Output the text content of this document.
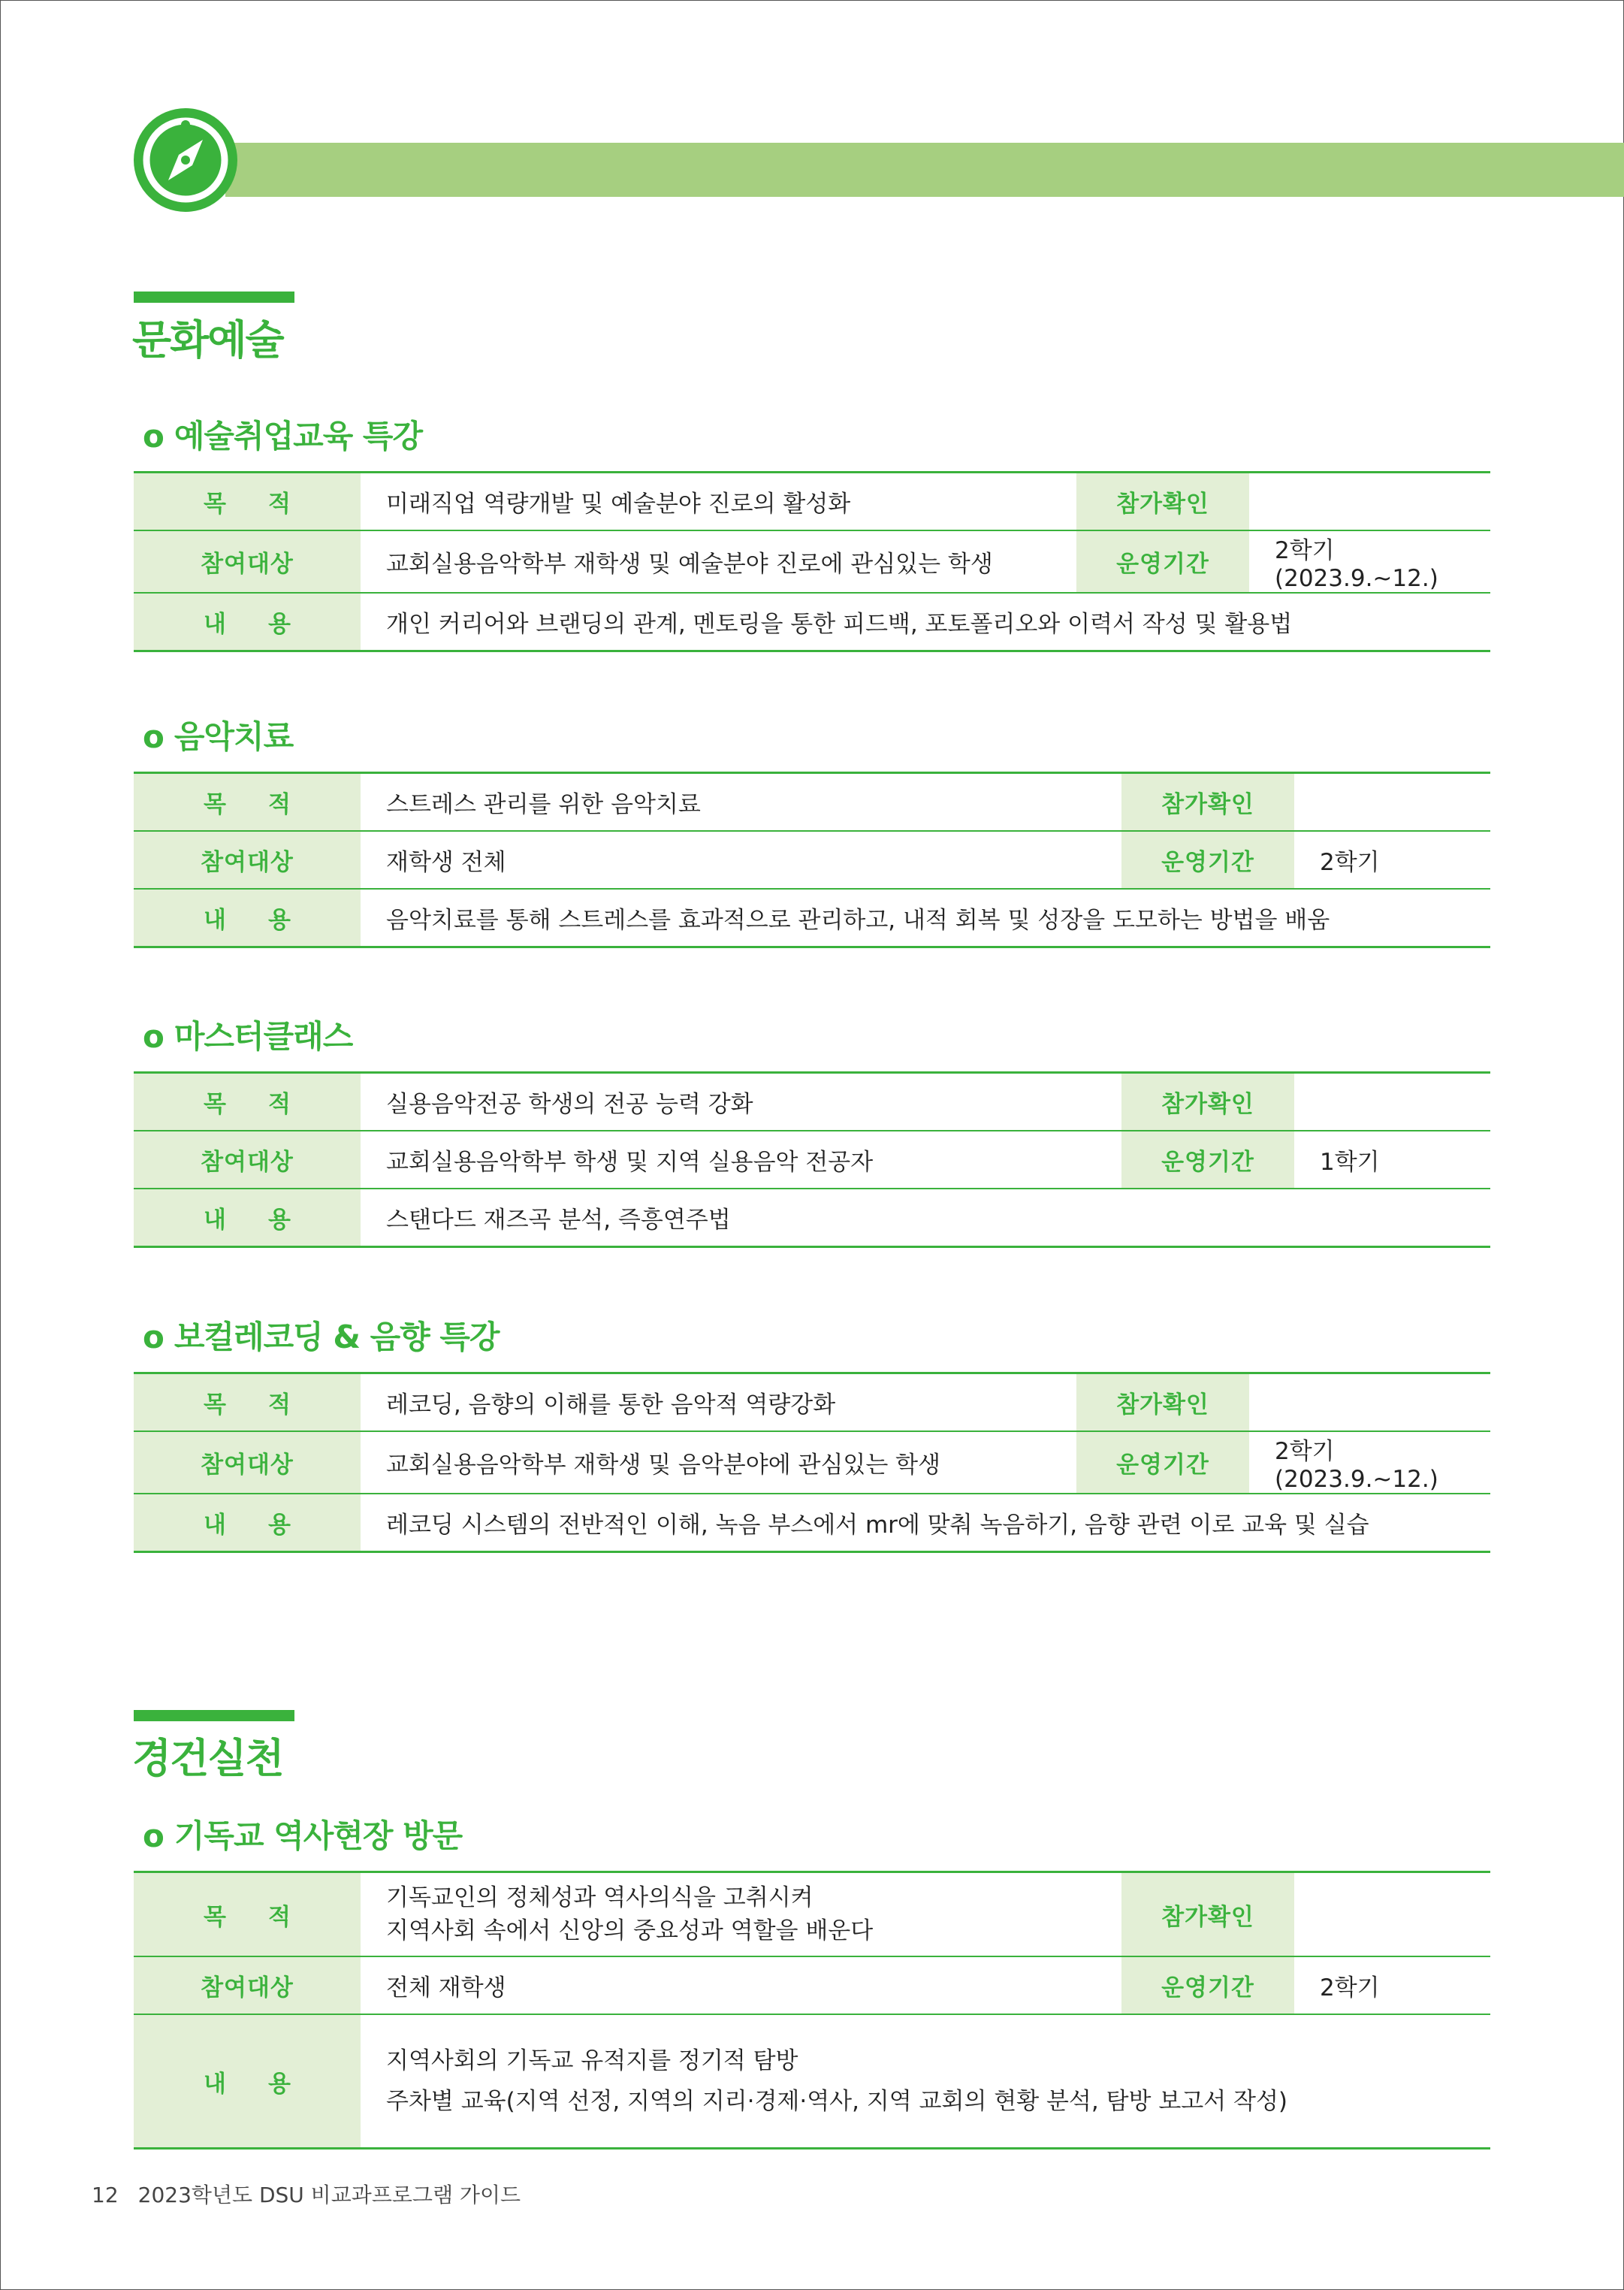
문화예술
o 예술취업교육 특강
목적	미래직업 역량개발 및 예술분야 진로의 활성화	참가확인	
참여대상	교회실용음악학부 재학생 및 예술분야 진로에 관심있는 학생	운영기간	2학기(2023.9.~12.)
내용	개인 커리어와 브랜딩의 관계, 멘토링을 통한 피드백, 포토폴리오와 이력서 작성 및 활용법		
o 음악치료
목적	스트레스 관리를 위한 음악치료	참가확인	
참여대상	재학생 전체	운영기간	2학기
내용	음악치료를 통해 스트레스를 효과적으로 관리하고, 내적 회복 및 성장을 도모하는 방법을 배움		
o 마스터클래스
목적	실용음악전공 학생의 전공 능력 강화	참가확인	
참여대상	교회실용음악학부 학생 및 지역 실용음악 전공자	운영기간	1학기
내용	스탠다드 재즈곡 분석, 즉흥연주법		
o 보컬레코딩 & 음향 특강
목적	레코딩, 음향의 이해를 통한 음악적 역량강화	참가확인	
참여대상	교회실용음악학부 재학생 및 음악분야에 관심있는 학생	운영기간	2학기(2023.9.~12.)
내용	레코딩 시스템의 전반적인 이해, 녹음 부스에서 mr에 맞춰 녹음하기, 음향 관련 이로 교육 및 실습		
경건실천
o 기독교 역사현장 방문
목적	기독교인의 정체성과 역사의식을 고취시켜
지역사회 속에서 신앙의 중요성과 역할을 배운다	참가확인	
참여대상	전체 재학생	운영기간	2학기
내용	지역사회의 기독교 유적지를 정기적 탐방
주차별 교육(지역 선정, 지역의 지리·경제·역사, 지역 교회의 현황 분석, 탐방 보고서 작성)		
12 2023학년도 DSU 비교과프로그램 가이드
